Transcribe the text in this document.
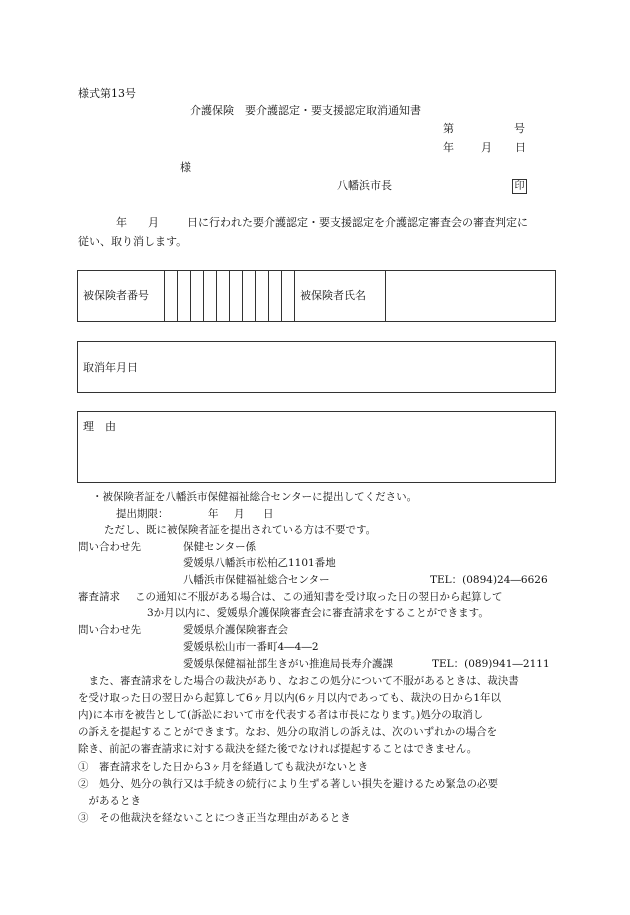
様式第13号
介護保険　要介護認定・要支援認定取消通知書
第	号
年 月 日
様
八幡浜市長	印
年 月	日に行われた要介護認定・要支援認定を介護認定審査会の審査判定に
従い、取り消します。
被保険者番号	被保険者氏名
取消年月日
理　由
・被保険者証を八幡浜市保健福祉総合センターに提出してください。
提出期限：	年 月 日
ただし、既に被保険者証を提出されている方は不要です。
問い合わせ先	保健センター係
愛媛県八幡浜市松柏乙1101番地
八幡浜市保健福祉総合センター	TEL：(0894)24―6626
審査請求 この通知に不服がある場合は、この通知書を受け取った日の翌日から起算して
3か月以内に、愛媛県介護保険審査会に審査請求をすることができます。
問い合わせ先	愛媛県介護保険審査会
愛媛県松山市一番町4―4―2
愛媛県保健福祉部生きがい推進局長寿介護課	TEL：(089)941―2111
　また、審査請求をした場合の裁決があり、なおこの処分について不服があるときは、裁決書
を受け取った日の翌日から起算して6ヶ月以内(6ヶ月以内であっても、裁決の日から1年以
内)に本市を被告として(訴訟において市を代表する者は市長になります。)処分の取消し
の訴えを提起することができます。なお、処分の取消しの訴えは、次のいずれかの場合を
除き、前記の審査請求に対する裁決を経た後でなければ提起することはできません。
①　審査請求をした日から3ヶ月を経過しても裁決がないとき
②　処分、処分の執行又は手続きの続行により生ずる著しい損失を避けるため緊急の必要
　があるとき
③　その他裁決を経ないことにつき正当な理由があるとき
